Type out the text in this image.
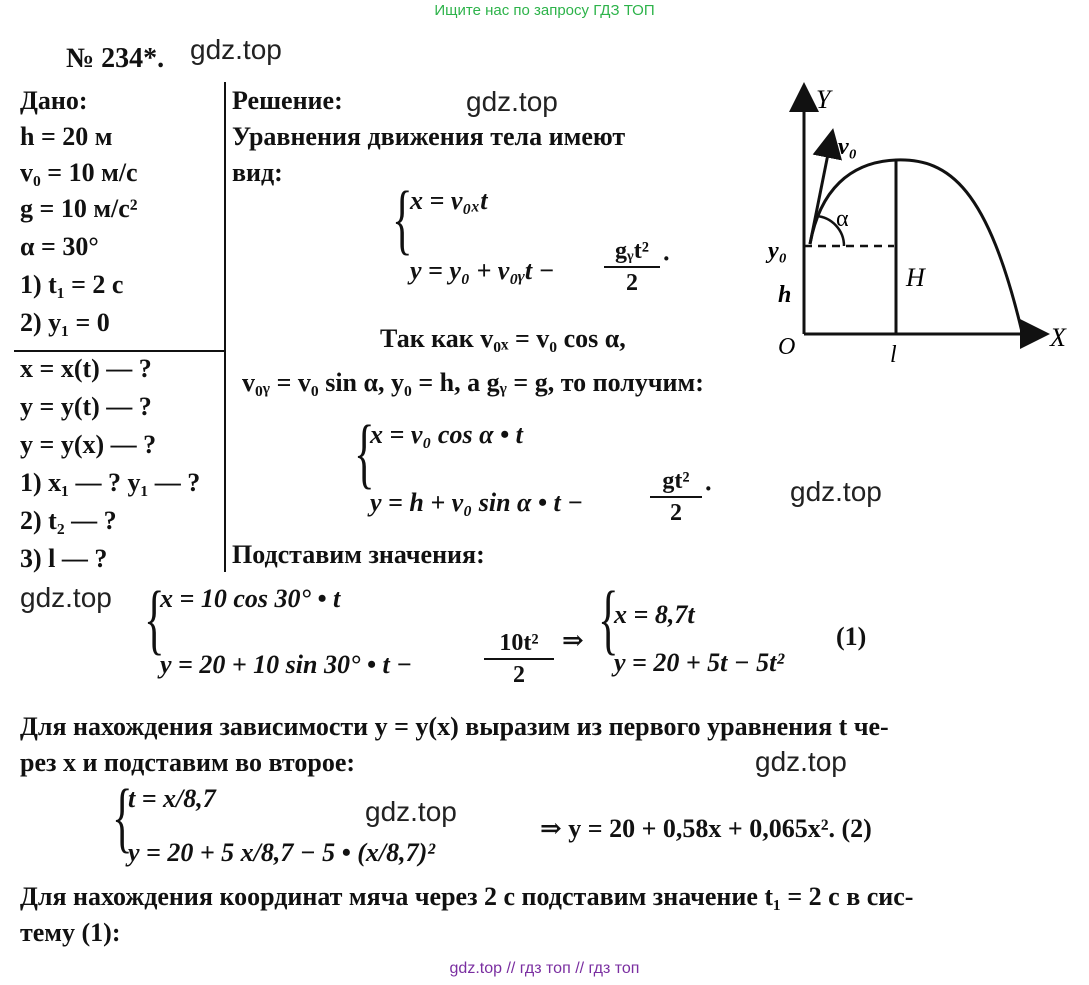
Ищите нас по запросу ГДЗ ТОП
gdz.top // гдз топ // гдз топ
№ 234*. gdz.top
gdz.top
gdz.top
gdz.top
gdz.top
gdz.top
Дано:
h = 20 м
v₀ = 10 м/с
g = 10 м/с²
α = 30°
1) t₁ = 2 с
2) y₁ = 0
x = x(t) — ?
y = y(t) — ?
y = y(x) — ?
1) x₁ — ? y₁ — ?
2) t₂ — ?
3) l — ?
Решение:
Уравнения движения тела имеют
вид:
{
x = v₀ₓt
y = y₀ + v₀ᵧt −
gᵧt²
2
·
Так как v₀ₓ = v₀ cos α,
v₀ᵧ = v₀ sin α, y₀ = h, a gᵧ = g, то получим:
{
x = v₀ cos α • t
y = h + v₀ sin α • t −	$\frac{\text{gt²}}{2}$ ·
Подставим значения:
{
x = 10 cos 30° • t
y = 20 + 10 sin 30° • t −	$\frac{\text{10t²}}{2}$ ⇒ {
x = 8,7t
y = 20 + 5t − 5t²
(1)
Для нахождения зависимости y = y(x) выразим из первого уравнения t че-
рез x и подставим во второе:
{
t = x/8,7
y = 20 + 5 x/8,7 − 5 • (x/8,7)²
⇒ y = 20 + 0,58x + 0,065x². (2)
Для нахождения координат мяча через 2 с подставим значение t₁ = 2 с в сис-
тему (1):
Y
X
O
v₀
α
y₀
h
H
l
